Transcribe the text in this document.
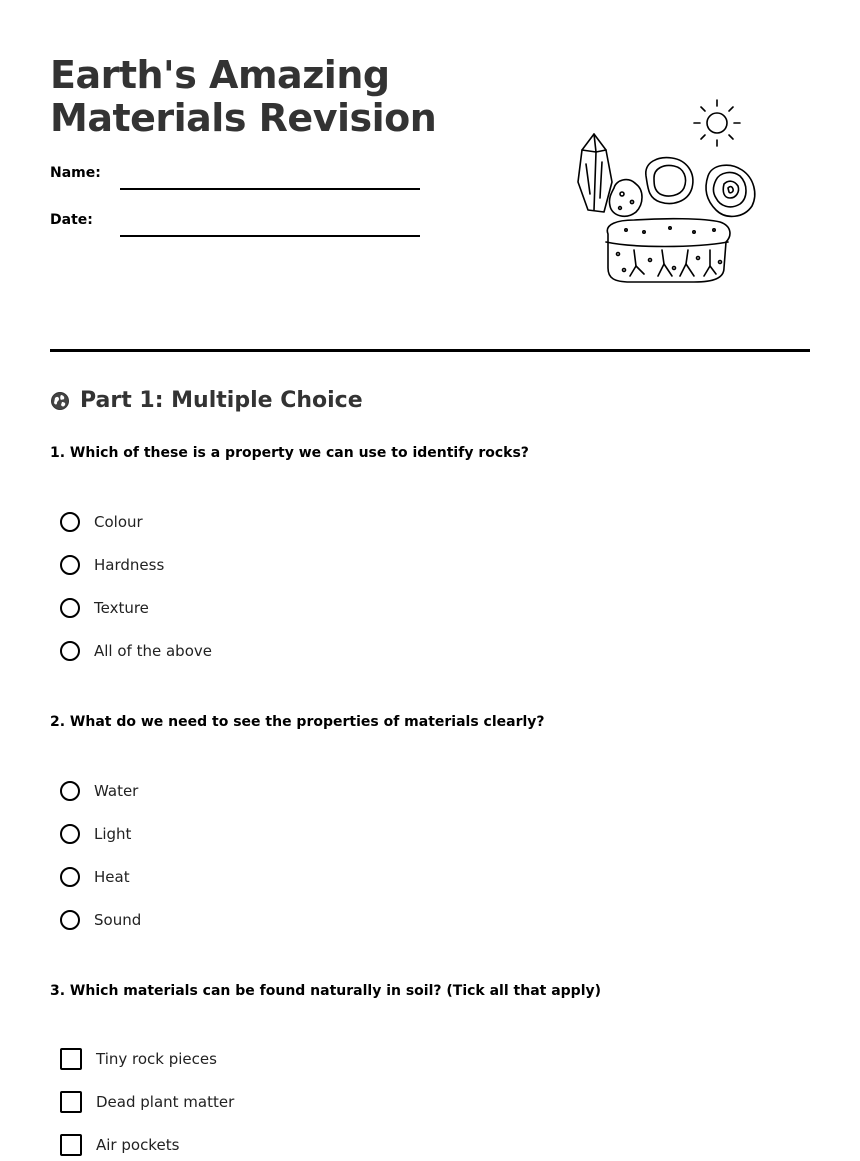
Earth's Amazing Materials Revision
Name:
Date:
Part 1: Multiple Choice

1. Which of these is a property we can use to identify rocks?

Colour
Hardness
Texture
All of the above

2. What do we need to see the properties of materials clearly?

Water
Light
Heat
Sound

3. Which materials can be found naturally in soil? (Tick all that apply)

Tiny rock pieces
Dead plant matter
Air pockets
